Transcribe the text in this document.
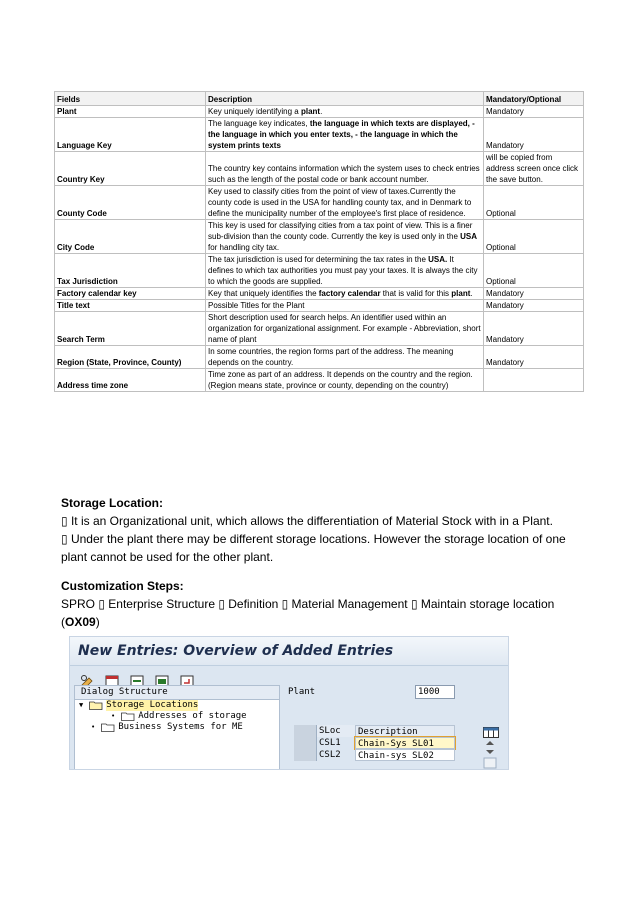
Fields	Description	Mandatory/Optional
Plant	Key uniquely identifying a plant.	Mandatory
Language Key	The language key indicates, the language in which texts are displayed, - the language in which you enter texts, - the language in which the system prints texts	Mandatory
Country Key	The country key contains information which the system uses to check entries such as the length of the postal code or bank account number.	will be copied from address screen once click the save button.
County Code	Key used to classify cities from the point of view of taxes.Currently the county code is used in the USA for handling county tax, and in Denmark to define the municipality number of the employee's first place of residence.	Optional
City Code	This key is used for classifying cities from a tax point of view. This is a finer sub-division than the county code. Currently the key is used only in the USA for handling city tax.	Optional
Tax Jurisdiction	The tax jurisdiction is used for determining the tax rates in the USA. It defines to which tax authorities you must pay your taxes. It is always the city to which the goods are supplied.	Optional
Factory calendar key	Key that uniquely identifies the factory calendar that is valid for this plant.	Mandatory
Title text	Possible Titles for the Plant	Mandatory
Search Term	Short description used for search helps. An identifier used within an organization for organizational assignment. For example - Abbreviation, short name of plant	Mandatory
Region (State, Province, County)	In some countries, the region forms part of the address. The meaning depends on the country.	Mandatory
Address time zone	Time zone as part of an address. It depends on the country and the region. (Region means state, province or county, depending on the country)	
Storage Location:

▯ It is an Organizational unit, which allows the differentiation of Material Stock with in a Plant.

▯ Under the plant there may be different storage locations. However the storage location of one plant cannot be used for the other plant.

Customization Steps:

SPRO ▯ Enterprise Structure ▯ Definition ▯ Material Management ▯ Maintain storage location (OX09)

New Entries: Overview of Added Entries
Dialog Structure
▼	Storage Locations
•	Addresses of storage
•	Business Systems for ME
Plant	1000
SLoc	Description
CSL1	Chain-Sys SL01
CSL2	Chain-sys SL02
